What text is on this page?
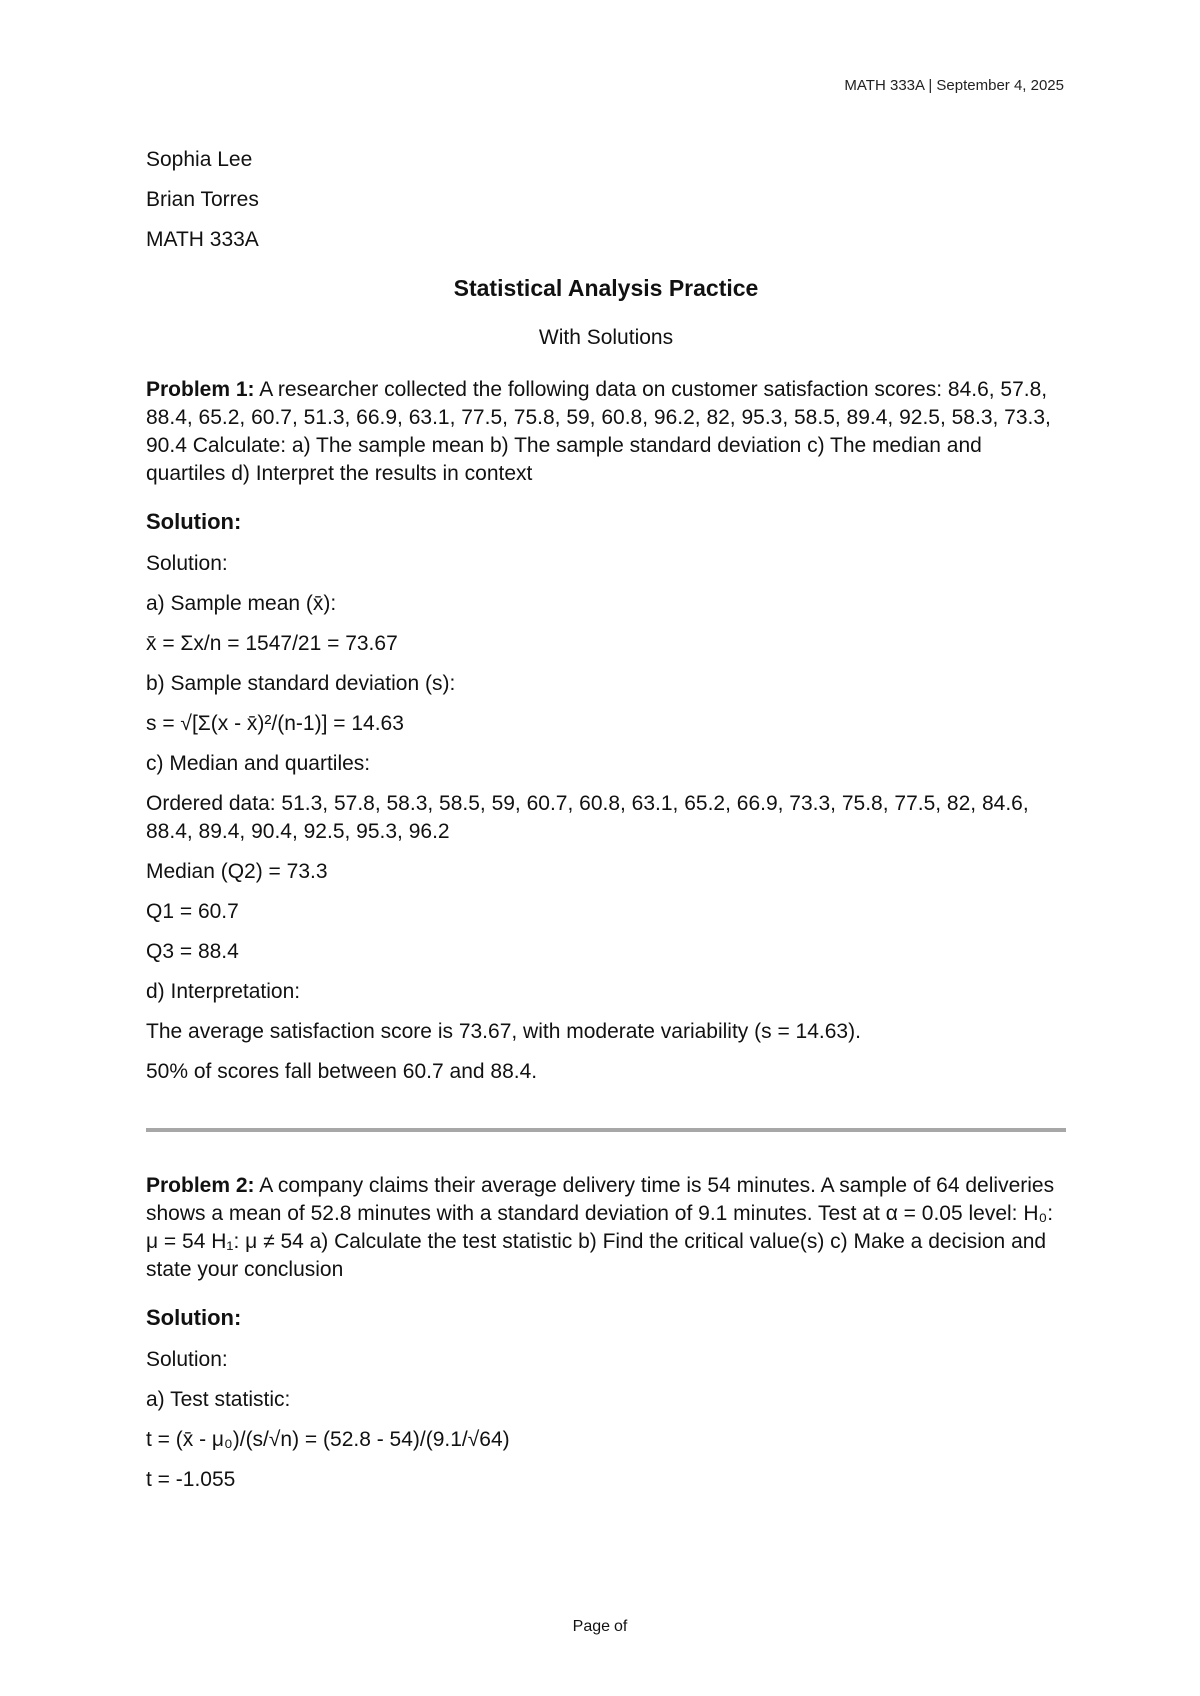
MATH 333A | September 4, 2025
Sophia Lee
Brian Torres
MATH 333A
Statistical Analysis Practice
With Solutions
Problem 1: A researcher collected the following data on customer satisfaction scores: 84.6, 57.8, 88.4, 65.2, 60.7, 51.3, 66.9, 63.1, 77.5, 75.8, 59, 60.8, 96.2, 82, 95.3, 58.5, 89.4, 92.5, 58.3, 73.3, 90.4 Calculate: a) The sample mean b) The sample standard deviation c) The median and quartiles d) Interpret the results in context
Solution:
Solution:
a) Sample mean (x̄):
x̄ = Σx/n = 1547/21 = 73.67
b) Sample standard deviation (s):
s = √[Σ(x - x̄)²/(n-1)] = 14.63
c) Median and quartiles:
Ordered data: 51.3, 57.8, 58.3, 58.5, 59, 60.7, 60.8, 63.1, 65.2, 66.9, 73.3, 75.8, 77.5, 82, 84.6, 88.4, 89.4, 90.4, 92.5, 95.3, 96.2
Median (Q2) = 73.3
Q1 = 60.7
Q3 = 88.4
d) Interpretation:
The average satisfaction score is 73.67, with moderate variability (s = 14.63).
50% of scores fall between 60.7 and 88.4.
Problem 2: A company claims their average delivery time is 54 minutes. A sample of 64 deliveries shows a mean of 52.8 minutes with a standard deviation of 9.1 minutes. Test at α = 0.05 level: H₀: μ = 54 H₁: μ ≠ 54 a) Calculate the test statistic b) Find the critical value(s) c) Make a decision and state your conclusion
Solution:
Solution:
a) Test statistic:
t = (x̄ - μ₀)/(s/√n) = (52.8 - 54)/(9.1/√64)
t = -1.055
Page of
